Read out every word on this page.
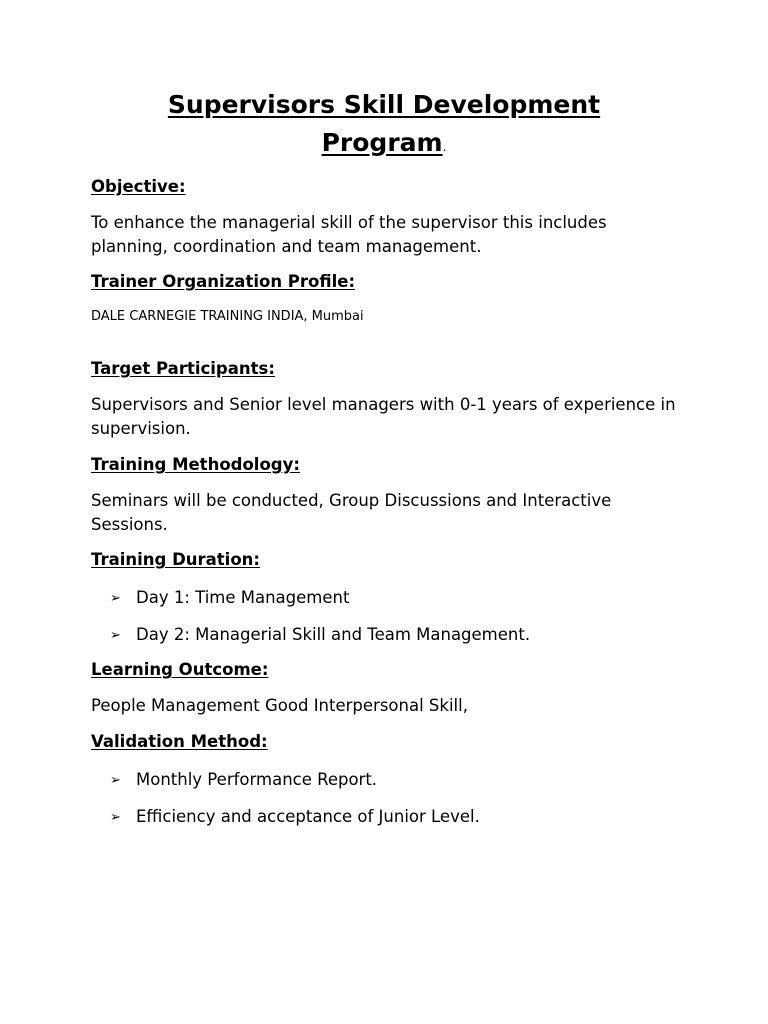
Supervisors Skill Development
Program.

Objective:

To enhance the managerial skill of the supervisor this includes planning, coordination and team management.

Trainer Organization Profile:

DALE CARNEGIE TRAINING INDIA, Mumbai

Target Participants:

Supervisors and Senior level managers with 0-1 years of experience in supervision.

Training Methodology:

Seminars will be conducted, Group Discussions and Interactive Sessions.

Training Duration:

➢ Day 1: Time Management

➢ Day 2: Managerial Skill and Team Management.

Learning Outcome:

People Management Good Interpersonal Skill,

Validation Method:

➢ Monthly Performance Report.

➢ Efficiency and acceptance of Junior Level.
